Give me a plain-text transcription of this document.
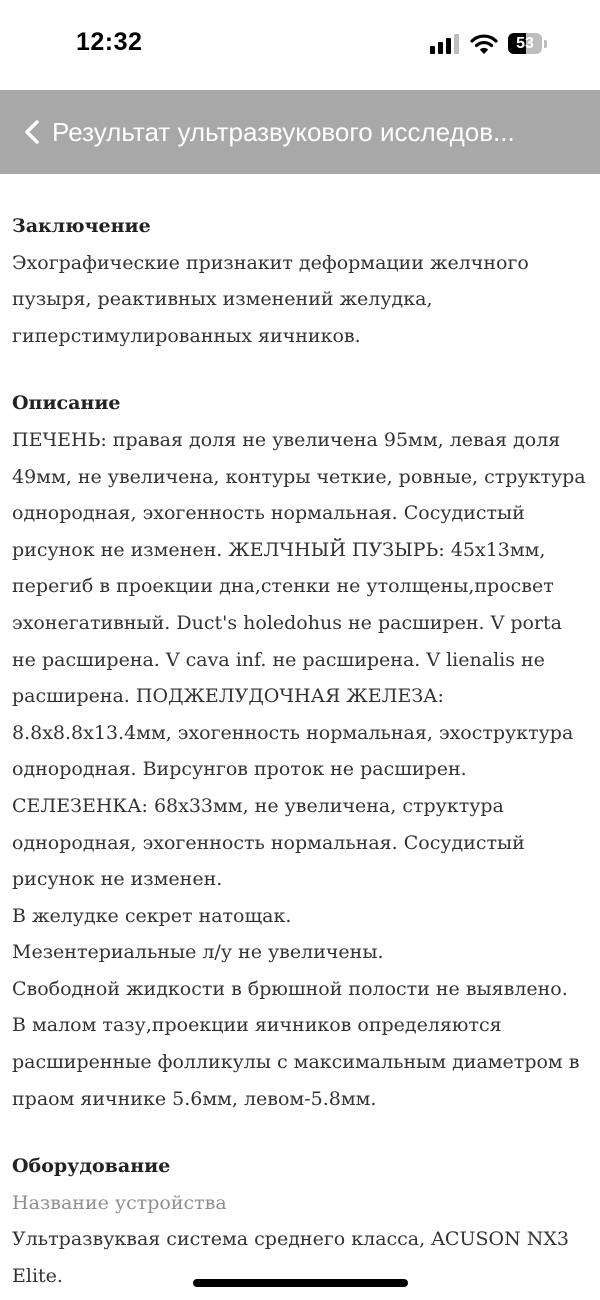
12:32	53
Результат ультразвукового исследов...

Заключение

Эхографические признакит деформации желчного пузыря, реактивных изменений желудка, гиперстимулированных яичников.

Описание

ПЕЧЕНЬ: правая доля не увеличена 95мм, левая доля 49мм, не увеличена, контуры четкие, ровные, структура однородная, эхогенность нормальная. Сосудистый рисунок не изменен. ЖЕЛЧНЫЙ ПУЗЫРЬ: 45х13мм, перегиб в проекции дна,стенки не утолщены,просвет эхонегативный. Duct's holedohus не расширен. V porta не расширена. V cava inf. не расширена. V lienalis не расширена. ПОДЖЕЛУДОЧНАЯ ЖЕЛЕЗА: 8.8х8.8х13.4мм, эхогенность нормальная, эхоструктура однородная. Вирсунгов проток не расширен. СЕЛЕЗЕНКА: 68х33мм, не увеличена, структура однородная, эхогенность нормальная. Сосудистый рисунок не изменен.

В желудке секрет натощак.

Мезентериальные л/у не увеличены.

Свободной жидкости в брюшной полости не выявлено.

В малом тазу,проекции яичников определяются расширенные фолликулы с максимальным диаметром в праом яичнике 5.6мм, левом-5.8мм.

Оборудование

Название устройства

Ультразвуквая система среднего класса, ACUSON NX3 Elite.
